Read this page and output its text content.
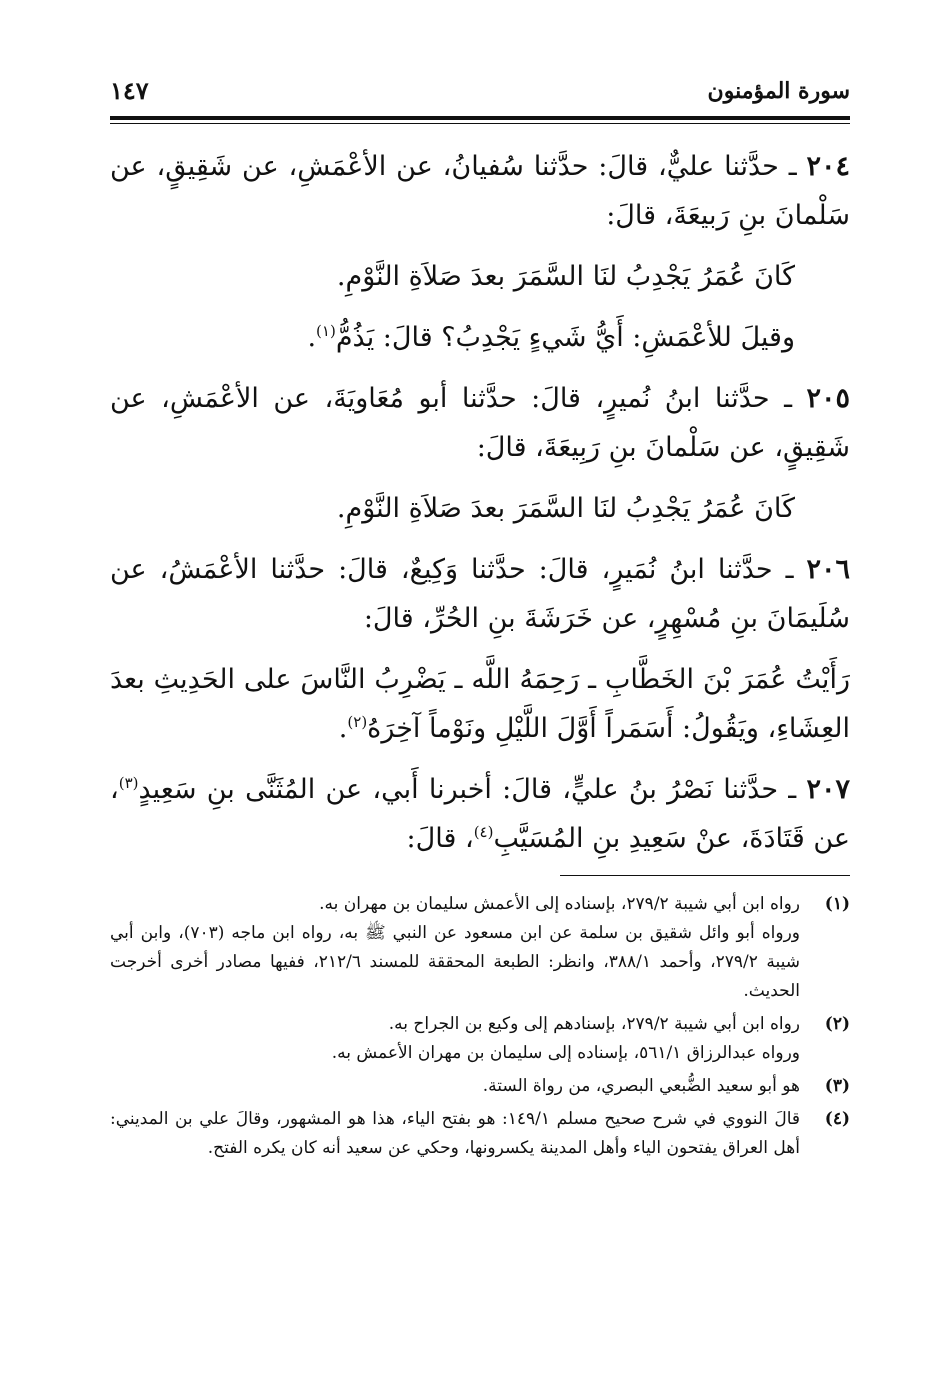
سورة المؤمنون
١٤٧

٢٠٤ ـ حدَّثنا عليٌّ، قالَ: حدَّثنا سُفيانُ، عن الأعْمَشِ، عن شَقِيقٍ، عن سَلْمانَ بنِ رَبيعَةَ، قالَ:

كَانَ عُمَرُ يَجْدِبُ لنَا السَّمَرَ بعدَ صَلاَةِ النَّوْمِ.

وقيلَ للأعْمَشِ: أَيُّ شَيءٍ يَجْدِبُ؟ قالَ: يَذُمُّ$^{(١)}$.

٢٠٥ ـ حدَّثنا ابنُ نُميرٍ، قالَ: حدَّثنا أبو مُعَاويَةَ، عن الأعْمَشِ، عن شَقِيقٍ، عن سَلْمانَ بنِ رَبِيعَةَ، قالَ:

كَانَ عُمَرُ يَجْدِبُ لنَا السَّمَرَ بعدَ صَلاَةِ النَّوْمِ.

٢٠٦ ـ حدَّثنا ابنُ نُمَيرٍ، قالَ: حدَّثنا وَكِيعٌ، قالَ: حدَّثنا الأعْمَشُ، عن سُلَيمَانَ بنِ مُسْهِرٍ، عن خَرَشَةَ بنِ الحُرِّ، قالَ:

رَأَيْتُ عُمَرَ بْنَ الخَطَّابِ ـ رَحِمَهُ اللَّه ـ يَضْرِبُ النَّاسَ على الحَدِيثِ بعدَ العِشَاءِ، ويَقُولُ: أَسَمَراً أَوَّلَ اللَّيْلِ ونَوْماً آخِرَهُ$^{(٢)}$.

٢٠٧ ـ حدَّثنا نَصْرُ بنُ عليٍّ، قالَ: أخبرنا أَبي، عن المُثَنَّى بنِ سَعِيدٍ$^{(٣)}$، عن قَتَادَةَ، عنْ سَعِيدِ بنِ المُسَيَّبِ$^{(٤)}$، قالَ:

(١)

رواه ابن أبي شيبة ٢٧٩/٢، بإسناده إلى الأعمش سليمان بن مهران به.

ورواه أبو وائل شقيق بن سلمة عن ابن مسعود عن النبي ﷺ به، رواه ابن ماجه (٧٠٣)، وابن أبي شيبة ٢٧٩/٢، وأحمد ٣٨٨/١، وانظر: الطبعة المحققة للمسند ٢١٢/٦، ففيها مصادر أخرى أخرجت الحديث.

(٢)

رواه ابن أبي شيبة ٢٧٩/٢، بإسنادهم إلى وكيع بن الجراح به.

ورواه عبدالرزاق ٥٦١/١، بإسناده إلى سليمان بن مهران الأعمش به.

(٣)

هو أبو سعيد الضُّبعي البصري، من رواة الستة.

(٤)

قالَ النووي في شرح صحيح مسلم ١٤٩/١: هو بفتح الياء، هذا هو المشهور، وقالَ علي بن المديني: أهل العراق يفتحون الياء وأهل المدينة يكسرونها، وحكي عن سعيد أنه كان يكره الفتح.
